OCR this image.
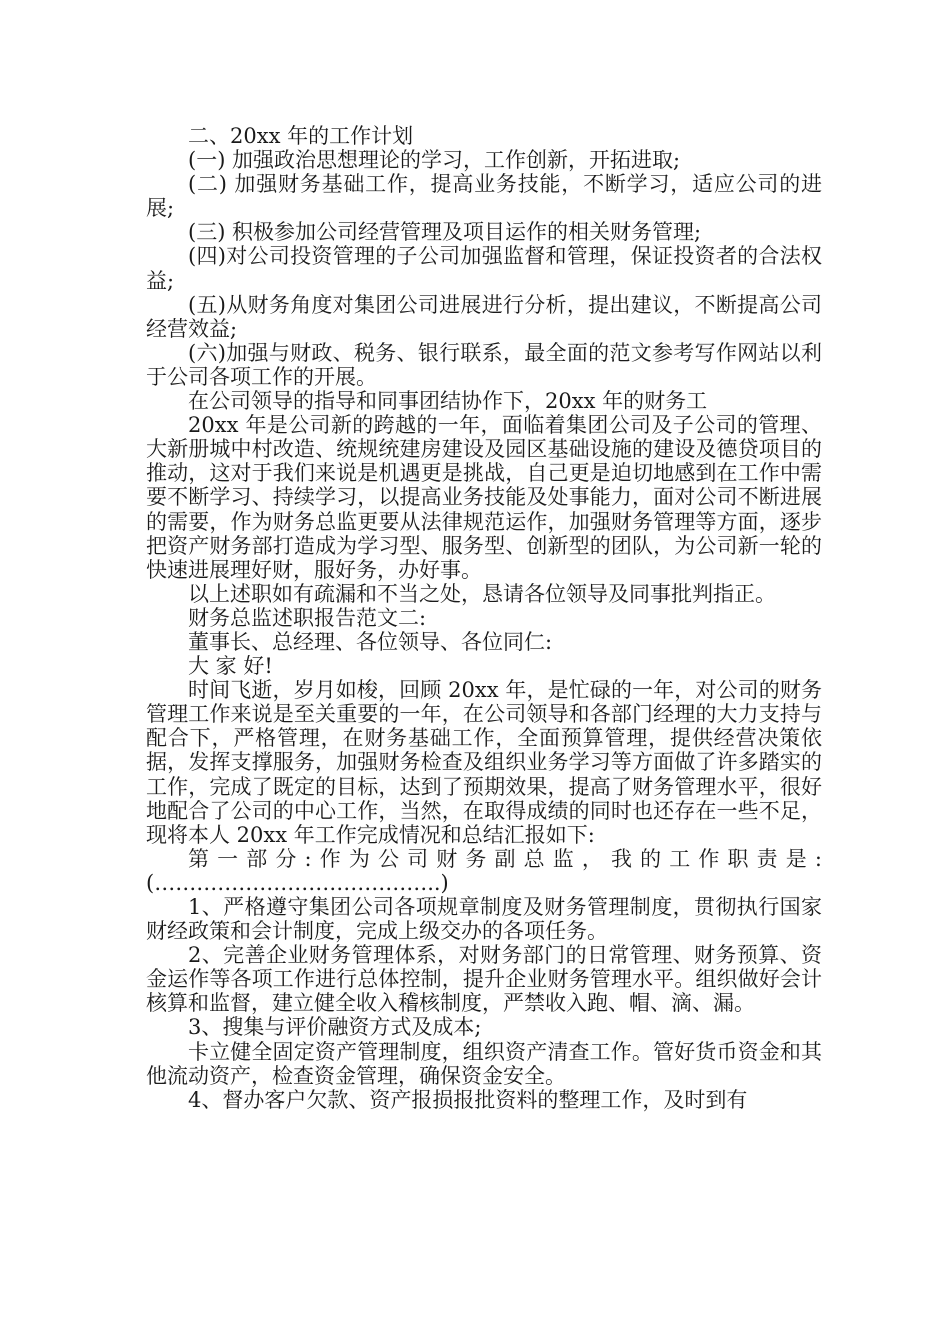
二、20xx 年的工作计划

(一) 加强政治思想理论的学习，工作创新，开拓进取;

(二) 加强财务基础工作，提高业务技能，不断学习，适应公司的进展;

(三) 积极参加公司经营管理及项目运作的相关财务管理;

(四)对公司投资管理的子公司加强监督和管理，保证投资者的合法权益;

(五)从财务角度对集团公司进展进行分析，提出建议，不断提高公司经营效益;

(六)加强与财政、税务、银行联系，最全面的范文参考写作网站以利于公司各项工作的开展。

在公司领导的指导和同事团结协作下，20xx 年的财务工

20xx 年是公司新的跨越的一年，面临着集团公司及子公司的管理、大新册城中村改造、统规统建房建设及园区基础设施的建设及德贷项目的推动，这对于我们来说是机遇更是挑战，自己更是迫切地感到在工作中需要不断学习、持续学习，以提高业务技能及处事能力，面对公司不断进展的需要，作为财务总监更要从法律规范运作，加强财务管理等方面，逐步把资产财务部打造成为学习型、服务型、创新型的团队，为公司新一轮的快速进展理好财，服好务，办好事。

以上述职如有疏漏和不当之处，恳请各位领导及同事批判指正。

财务总监述职报告范文二:

董事长、总经理、各位领导、各位同仁:

大 家 好!

时间飞逝，岁月如梭，回顾 20xx 年，是忙碌的一年，对公司的财务管理工作来说是至关重要的一年，在公司领导和各部门经理的大力支持与配合下，严格管理，在财务基础工作，全面预算管理，提供经营决策依据，发挥支撑服务，加强财务检查及组织业务学习等方面做了许多踏实的工作，完成了既定的目标，达到了预期效果，提高了财务管理水平，很好地配合了公司的中心工作，当然，在取得成绩的同时也还存在一些不足，现将本人 20xx 年工作完成情况和总结汇报如下:

第一部分:作为公司财务副总监，我的工作职责是:(…………………………………..)

1、严格遵守集团公司各项规章制度及财务管理制度，贯彻执行国家财经政策和会计制度，完成上级交办的各项任务。

2、完善企业财务管理体系，对财务部门的日常管理、财务预算、资金运作等各项工作进行总体控制，提升企业财务管理水平。组织做好会计核算和监督，建立健全收入稽核制度，严禁收入跑、帽、滴、漏。

3、搜集与评价融资方式及成本;

卡立健全固定资产管理制度，组织资产清查工作。管好货币资金和其他流动资产，检查资金管理，确保资金安全。

4、督办客户欠款、资产报损报批资料的整理工作，及时到有
